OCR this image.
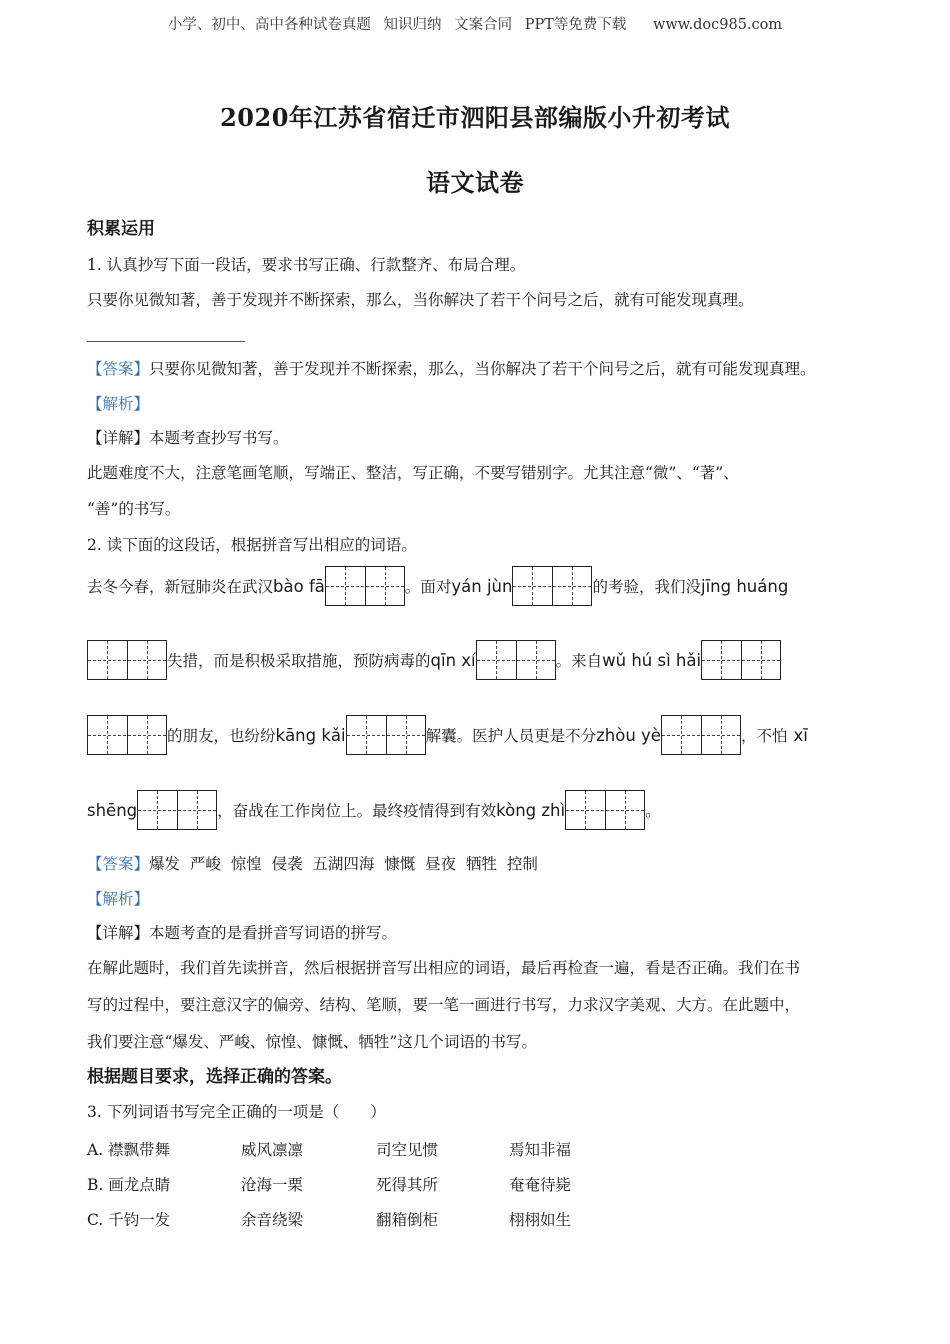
小学、初中、高中各种试卷真题 知识归纳 文案合同 PPT等免费下载 www.doc985.com
2020年江苏省宿迁市泗阳县部编版小升初考试
语文试卷
积累运用
1. 认真抄写下面一段话，要求书写正确、行款整齐、布局合理。
只要你见微知著，善于发现并不断探索，那么，当你解决了若干个问号之后，就有可能发现真理。
【答案】只要你见微知著，善于发现并不断探索，那么，当你解决了若干个问号之后，就有可能发现真理。
【解析】
【详解】本题考查抄写书写。
此题难度不大，注意笔画笔顺，写端正、整洁，写正确，不要写错别字。尤其注意“微”、“著”、
“善”的书写。
2. 读下面的这段话，根据拼音写出相应的词语。
去冬今春，新冠肺炎在武汉 bào fā	。面对 yán jùn	的考验，我们没 jīng huáng
失措，而是积极采取措施，预防病毒的 qīn xí	。来自 wǔ hú sì hǎi
的朋友，也纷纷 kāng kǎi	解囊。医护人员更是不分 zhòu yè	，不怕 xī
shēng	，奋战在工作岗位上。最终疫情得到有效 kòng zhì	。
【答案】爆发  严峻  惊惶  侵袭  五湖四海  慷慨  昼夜  牺牲  控制
【解析】
【详解】本题考查的是看拼音写词语的拼写。
在解此题时，我们首先读拼音，然后根据拼音写出相应的词语，最后再检查一遍，看是否正确。我们在书
写的过程中，要注意汉字的偏旁、结构、笔顺，要一笔一画进行书写，力求汉字美观、大方。在此题中，
我们要注意“爆发、严峻、惊惶、慷慨、牺牲”这几个词语的书写。
根据题目要求，选择正确的答案。
3. 下列词语书写完全正确的一项是（　　）
A. 襟飘带舞	威风凛凛	司空见惯	焉知非福
B. 画龙点睛	沧海一栗	死得其所	奄奄待毙
C. 千钧一发	余音绕梁	翻箱倒柜	栩栩如生
